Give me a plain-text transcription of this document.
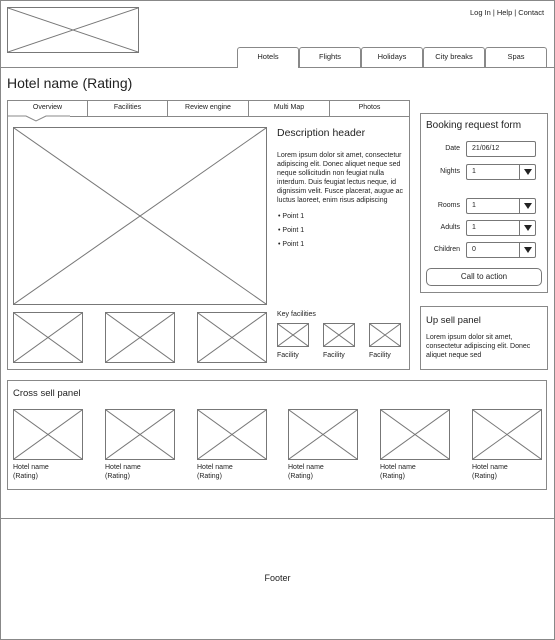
Log In | Help | Contact
Hotels	Flights	Holidays	City breaks	Spas
Hotel name (Rating)
Overview	Facilities	Review engine	Multi Map	Photos
Description header
Lorem ipsum dolor sit amet, consectetur adipiscing elit. Donec aliquet neque sed neque sollicitudin non feugiat nulla interdum. Duis feugiat lectus neque, id dignissim velit. Fusce placerat, augue ac luctus laoreet, enim risus adipiscing
• Point 1
• Point 1
• Point 1
Key facilities
Facility	Facility	Facility
Booking request form
Date	21/06/12
Nights	1
Rooms	1
Adults	1
Children	0
Call to action
Up sell panel
Lorem ipsum dolor sit amet, consectetur adipiscing elit. Donec aliquet neque sed
Cross sell panel
Hotel name
(Rating)
Hotel name
(Rating)
Hotel name
(Rating)
Hotel name
(Rating)
Hotel name
(Rating)
Hotel name
(Rating)
Footer
